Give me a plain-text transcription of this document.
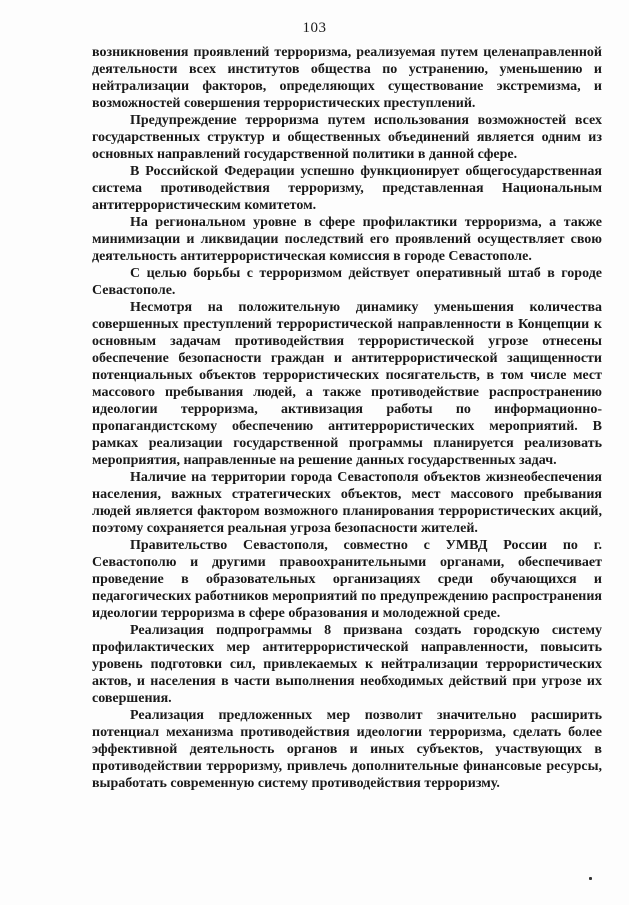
103

возникновения проявлений терроризма, реализуемая путем целенаправленной деятельности всех институтов общества по устранению, уменьшению и нейтрализации факторов, определяющих существование экстремизма, и возможностей совершения террористических преступлений.

Предупреждение терроризма путем использования возможностей всех государственных структур и общественных объединений является одним из основных направлений государственной политики в данной сфере.

В Российской Федерации успешно функционирует общегосударственная система противодействия терроризму, представленная Национальным антитеррористическим комитетом.

На региональном уровне в сфере профилактики терроризма, а также минимизации и ликвидации последствий его проявлений осуществляет свою деятельность антитеррористическая комиссия в городе Севастополе.

С целью борьбы с терроризмом действует оперативный штаб в городе Севастополе.

Несмотря на положительную динамику уменьшения количества совершенных преступлений террористической направленности в Концепции к основным задачам противодействия террористической угрозе отнесены обеспечение безопасности граждан и антитеррористической защищенности потенциальных объектов террористических посягательств, в том числе мест массового пребывания людей, а также противодействие распространению идеологии терроризма, активизация работы по информационно-пропагандистскому обеспечению антитеррористических мероприятий. В рамках реализации государственной программы планируется реализовать мероприятия, направленные на решение данных государственных задач.

Наличие на территории города Севастополя объектов жизнеобеспечения населения, важных стратегических объектов, мест массового пребывания людей является фактором возможного планирования террористических акций, поэтому сохраняется реальная угроза безопасности жителей.

Правительство Севастополя, совместно с УМВД России по г. Севастополю и другими правоохранительными органами, обеспечивает проведение в образовательных организациях среди обучающихся и педагогических работников мероприятий по предупреждению распространения идеологии терроризма в сфере образования и молодежной среде.

Реализация подпрограммы 8 призвана создать городскую систему профилактических мер антитеррористической направленности, повысить уровень подготовки сил, привлекаемых к нейтрализации террористических актов, и населения в части выполнения необходимых действий при угрозе их совершения.

Реализация предложенных мер позволит значительно расширить потенциал механизма противодействия идеологии терроризма, сделать более эффективной деятельность органов и иных субъектов, участвующих в противодействии терроризму, привлечь дополнительные финансовые ресурсы, выработать современную систему противодействия терроризму.
